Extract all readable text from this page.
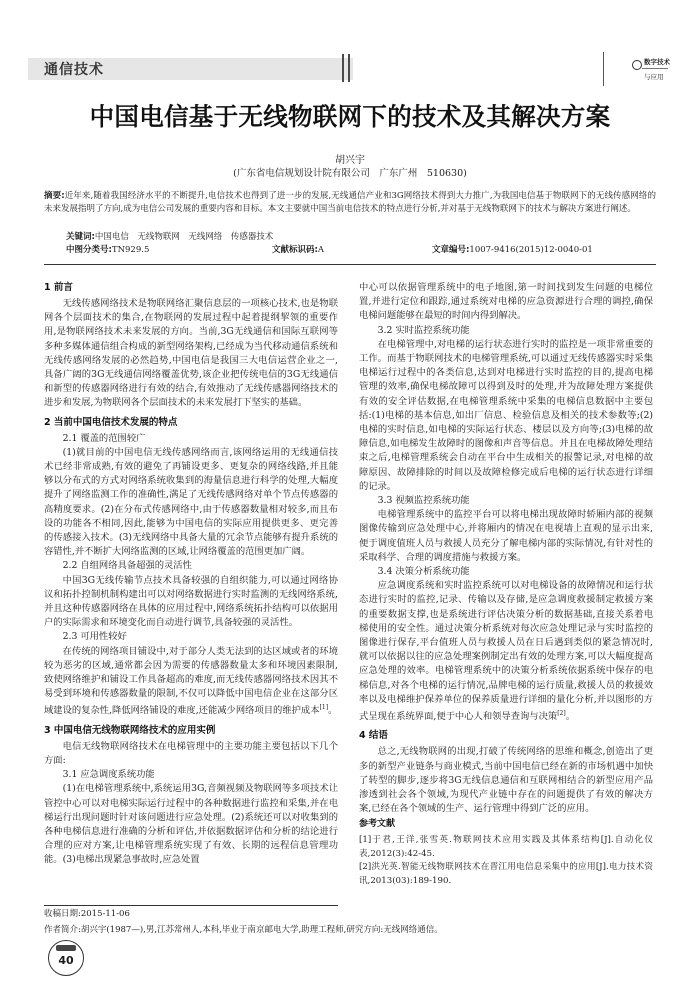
通信技术	数字技术
与应用
中国电信基于无线物联网下的技术及其解决方案
胡兴宇
(广东省电信规划设计院有限公司　广东广州　510630)
摘要:近年来,随着我国经济水平的不断提升,电信技术也得到了进一步的发展,无线通信产业和3G网络技术得到大力推广,为我国电信基于物联网下的无线传感网络的未来发展指明了方向,成为电信公司发展的重要内容和目标。本文主要就中国当前电信技术的特点进行分析,并对基于无线物联网下的技术与解决方案进行阐述。
关键词:中国电信　无线物联网　无线网络　传感器技术
中图分类号:TN929.5	文献标识码:A	文章编号:1007-9416(2015)12-0040-01
1 前言

无线传感网络技术是物联网络汇聚信息层的一项核心技术,也是物联网各个层面技术的集合,在物联网的发展过程中起着提纲挈领的重要作用,是物联网络技术未来发展的方向。当前,3G无线通信和国际互联网等多种多媒体通信组合构成的新型网络架构,已经成为当代移动通信系统和无线传感网络发展的必然趋势,中国电信是我国三大电信运营企业之一,具备广阔的3G无线通信网络覆盖优势,该企业把传统电信的3G无线通信和新型的传感器网络进行有效的结合,有效推动了无线传感器网络技术的进步和发展,为物联网各个层面技术的未来发展打下坚实的基础。

2 当前中国电信技术发展的特点
2.1 覆盖的范围较广

(1)就目前的中国电信无线传感网络而言,该网络运用的无线通信技术已经非常成熟,有效的避免了再铺设更多、更复杂的网络线路,并且能够以分布式的方式对网络系统收集到的海量信息进行科学的处理,大幅度提升了网络监测工作的准确性,满足了无线传感网络对单个节点传感器的高精度要求。(2)在分布式传感网络中,由于传感器数量相对较多,而且布设的功能各不相同,因此,能够为中国电信的实际应用提供更多、更完善的传感接入技术。(3)无线网络中具备大量的冗余节点能够有提升系统的容错性,并不断扩大网络监测的区域,让网络覆盖的范围更加广阔。

2.2 自组网络具备超强的灵活性

中国3G无线传输节点技术具备较强的自组织能力,可以通过网络协议和拓扑控制机制构建出可以对网络数据进行实时监测的无线网络系统,并且这种传感器网络在具体的应用过程中,网络系统拓扑结构可以依据用户的实际需求和环境变化而自动进行调节,具备较强的灵活性。

2.3 可用性较好

在传统的网络项目铺设中,对于部分人类无法到的达区域或者的环境较为恶劣的区域,通常都会因为需要的传感器数量太多和环境因素限制,致使网络维护和铺设工作具备超高的难度,而无线传感器网络技术因其不易受到环境和传感器数量的限制,不仅可以降低中国电信企业在这部分区域建设的复杂性,降低网络铺设的难度,还能减少网络项目的维护成本[1]。

3 中国电信无线物联网络技术的应用实例

电信无线物联网络技术在电梯管理中的主要功能主要包括以下几个方面:

3.1 应急调度系统功能

(1)在电梯管理系统中,系统运用3G,音频视频及物联网等多项技术让管控中心可以对电梯实际运行过程中的各种数据进行监控和采集,并在电梯运行出现问题时针对该问题进行应急处理。(2)系统还可以对收集到的各种电梯信息进行准确的分析和评估,并依据数据评估和分析的结论进行合理的应对方案,让电梯管理系统实现了有效、长期的远程信息管理功能。(3)电梯出现紧急事故时,应急处置

中心可以依据管理系统中的电子地图,第一时间找到发生问题的电梯位置,并进行定位和跟踪,通过系统对电梯的应急资源进行合理的调控,确保电梯问题能够在最短的时间内得到解决。

3.2 实时监控系统功能

在电梯管理中,对电梯的运行状态进行实时的监控是一项非常重要的工作。而基于物联网技术的电梯管理系统,可以通过无线传感器实时采集电梯运行过程中的各类信息,达到对电梯进行实时监控的目的,提高电梯管理的效率,确保电梯故障可以得到及时的处理,并为故障处理方案提供有效的安全评估数据,在电梯管理系统中采集的电梯信息数据中主要包括:(1)电梯的基本信息,如出厂信息、检验信息及相关的技术参数等;(2)电梯的实时信息,如电梯的实际运行状态、楼层以及方向等;(3)电梯的故障信息,如电梯发生故障时的图像和声音等信息。并且在电梯故障处理结束之后,电梯管理系统会自动在平台中生成相关的报警记录,对电梯的故障原因、故障排除的时间以及故障检修完成后电梯的运行状态进行详细的记录。

3.3 视频监控系统功能

电梯管理系统中的监控平台可以将电梯出现故障时轿厢内部的视频图像传输到应急处理中心,并将厢内的情况在电视墙上直观的显示出来,便于调度值班人员与救援人员充分了解电梯内部的实际情况,有针对性的采取科学、合理的调度措施与救援方案。

3.4 决策分析系统功能

应急调度系统和实时监控系统可以对电梯设备的故障情况和运行状态进行实时的监控,记录、传输以及存储,是应急调度救援制定救援方案的重要数据支撑,也是系统进行评估决策分析的数据基础,直接关系着电梯使用的安全性。通过决策分析系统对每次应急处理记录与实时监控的图像进行保存,平台值班人员与救援人员在日后遇到类似的紧急情况时,就可以依据以往的应急处理案例制定出有效的处理方案,可以大幅度提高应急处理的效率。电梯管理系统中的决策分析系统依据系统中保存的电梯信息,对各个电梯的运行情况,品牌电梯的运行质量,救援人员的救援效率以及电梯维护保养单位的保养质量进行详细的量化分析,并以图形的方式呈现在系统界面,便于中心人和领导查询与决策[2]。

4 结语

总之,无线物联网的出现,打破了传统网络的思维和概念,创造出了更多的新型产业链条与商业模式,当前中国电信已经在新的市场机遇中加快了转型的脚步,逐步将3G无线信息通信和互联网相结合的新型应用产品渗透到社会各个领域,为现代产业链中存在的问题提供了有效的解决方案,已经在各个领域的生产、运行管理中得到广泛的应用。

参考文献

[1]于君,王洋,张雪英.物联网技术应用实践及其体系结构[J].自动化仪表,2012(3):42-45.

[2]洪光英.智能无线物联网技术在晋江用电信息采集中的应用[J].电力技术资讯,2013(03):189-190.

收稿日期:2015-11-06
作者简介:胡兴宇(1987—),男,江苏常州人,本科,毕业于南京邮电大学,助理工程师,研究方向:无线网络通信。
40
